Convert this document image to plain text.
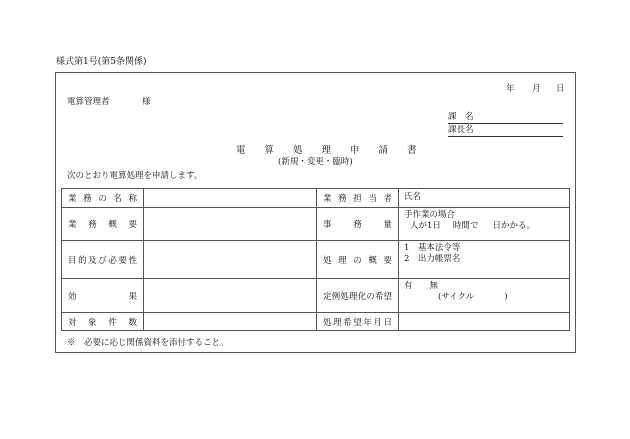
様式第1号(第5条関係)
年 月 日
電算管理者	様
課　名
課長名
電　　算　　処　　理　　申　　請　　書
(新規・変更・臨時)
次のとおり電算処理を申請します。
業務の名称		業務担当者	氏名
業務概要		事務量	手作業の場合
人が1日 時間で 日かかる。

目的及び必要性		処理の概要	1　基本法令等
2　出力帳票名

効果		定例処理化の希望	有　　無
(サイクル )

対象件数		処理希望年月日	
※　必要に応じ関係資料を添付すること。
